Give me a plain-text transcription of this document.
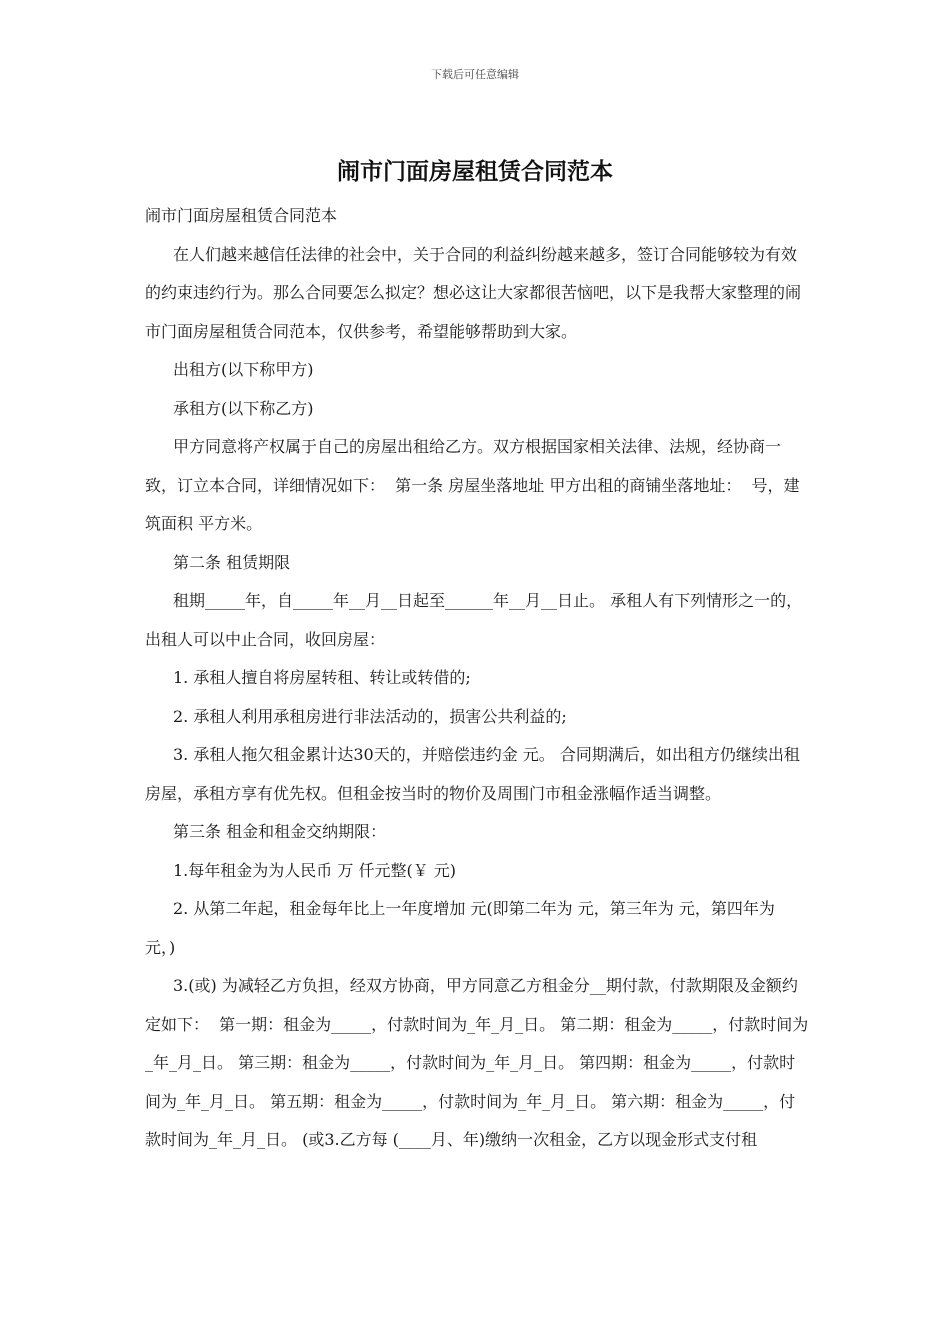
下载后可任意编辑
闹市门面房屋租赁合同范本

闹市门面房屋租赁合同范本

在人们越来越信任法律的社会中，关于合同的利益纠纷越来越多，签订合同能够较为有效的约束违约行为。那么合同要怎么拟定？想必这让大家都很苦恼吧，以下是我帮大家整理的闹市门面房屋租赁合同范本，仅供参考，希望能够帮助到大家。

出租方(以下称甲方)

承租方(以下称乙方)

甲方同意将产权属于自己的房屋出租给乙方。双方根据国家相关法律、法规，经协商一致，订立本合同，详细情况如下：  第一条 房屋坐落地址 甲方出租的商铺坐落地址：  号，建筑面积 平方米。

第二条 租赁期限

租期_____年，自_____年__月__日起至______年__月__日止。 承租人有下列情形之一的，出租人可以中止合同，收回房屋：

1. 承租人擅自将房屋转租、转让或转借的;

2. 承租人利用承租房进行非法活动的，损害公共利益的;

3. 承租人拖欠租金累计达30天的，并赔偿违约金 元。 合同期满后，如出租方仍继续出租房屋，承租方享有优先权。但租金按当时的物价及周围门市租金涨幅作适当调整。

第三条 租金和租金交纳期限：

1.每年租金为为人民币 万 仟元整(￥ 元)

2. 从第二年起，租金每年比上一年度增加 元(即第二年为 元，第三年为 元，第四年为 元，)

3.(或) 为减轻乙方负担，经双方协商，甲方同意乙方租金分__期付款，付款期限及金额约定如下：  第一期：租金为_____，付款时间为_年_月_日。 第二期：租金为_____，付款时间为_年_月_日。 第三期：租金为_____，付款时间为_年_月_日。 第四期：租金为_____，付款时间为_年_月_日。 第五期：租金为_____，付款时间为_年_月_日。 第六期：租金为_____，付款时间为_年_月_日。 (或3.乙方每 (____月、年)缴纳一次租金，乙方以现金形式支付租
